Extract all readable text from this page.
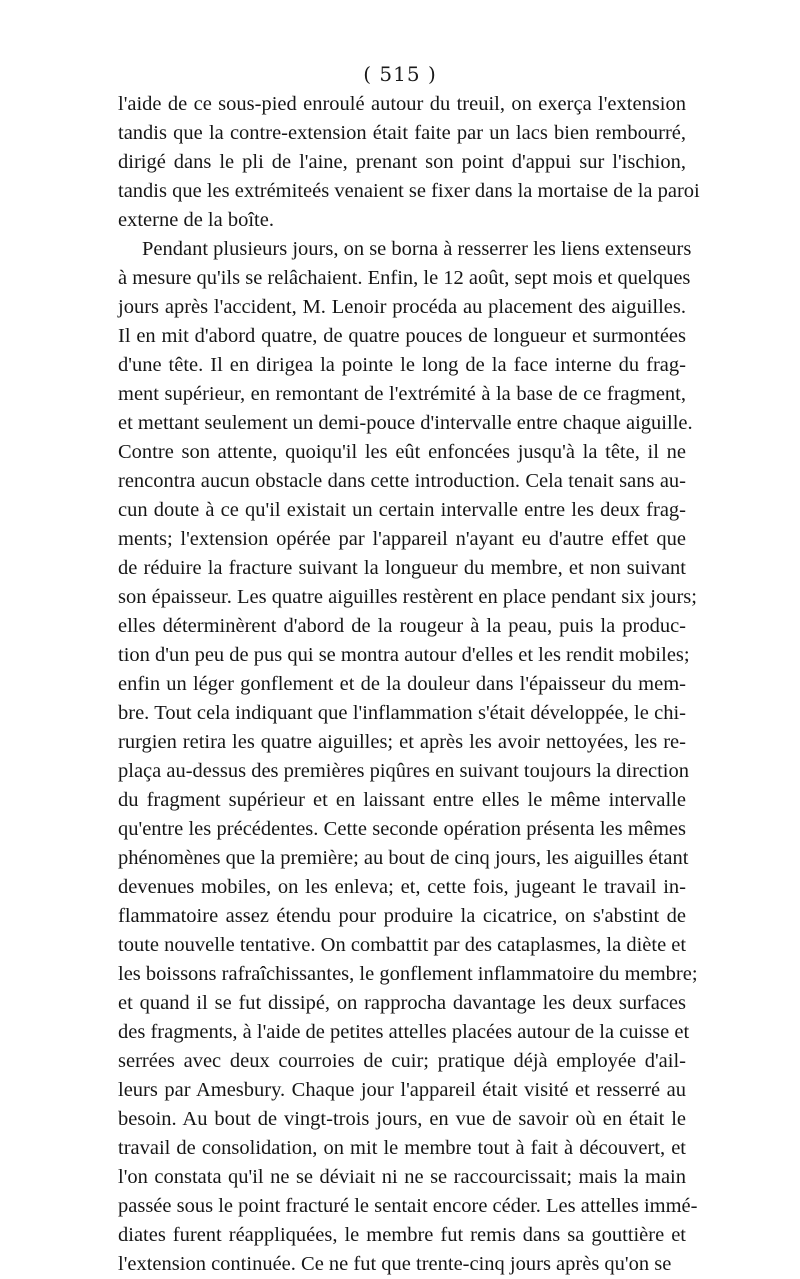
( 515 )
l'aide de ce sous-pied enroulé autour du treuil, on exerça l'extension
tandis que la contre-extension était faite par un lacs bien rembourré,
dirigé dans le pli de l'aine, prenant son point d'appui sur l'ischion,
tandis que les extrémiteés venaient se fixer dans la mortaise de la paroi
externe de la boîte.
Pendant plusieurs jours, on se borna à resserrer les liens extenseurs
à mesure qu'ils se relâchaient. Enfin, le 12 août, sept mois et quelques
jours après l'accident, M. Lenoir procéda au placement des aiguilles.
Il en mit d'abord quatre, de quatre pouces de longueur et surmontées
d'une tête. Il en dirigea la pointe le long de la face interne du frag-
ment supérieur, en remontant de l'extrémité à la base de ce fragment,
et mettant seulement un demi-pouce d'intervalle entre chaque aiguille.
Contre son attente, quoiqu'il les eût enfoncées jusqu'à la tête, il ne
rencontra aucun obstacle dans cette introduction. Cela tenait sans au-
cun doute à ce qu'il existait un certain intervalle entre les deux frag-
ments; l'extension opérée par l'appareil n'ayant eu d'autre effet que
de réduire la fracture suivant la longueur du membre, et non suivant
son épaisseur. Les quatre aiguilles restèrent en place pendant six jours;
elles déterminèrent d'abord de la rougeur à la peau, puis la produc-
tion d'un peu de pus qui se montra autour d'elles et les rendit mobiles;
enfin un léger gonflement et de la douleur dans l'épaisseur du mem-
bre. Tout cela indiquant que l'inflammation s'était développée, le chi-
rurgien retira les quatre aiguilles; et après les avoir nettoyées, les re-
plaça au-dessus des premières piqûres en suivant toujours la direction
du fragment supérieur et en laissant entre elles le même intervalle
qu'entre les précédentes. Cette seconde opération présenta les mêmes
phénomènes que la première; au bout de cinq jours, les aiguilles étant
devenues mobiles, on les enleva; et, cette fois, jugeant le travail in-
flammatoire assez étendu pour produire la cicatrice, on s'abstint de
toute nouvelle tentative. On combattit par des cataplasmes, la diète et
les boissons rafraîchissantes, le gonflement inflammatoire du membre;
et quand il se fut dissipé, on rapprocha davantage les deux surfaces
des fragments, à l'aide de petites attelles placées autour de la cuisse et
serrées avec deux courroies de cuir; pratique déjà employée d'ail-
leurs par Amesbury. Chaque jour l'appareil était visité et resserré au
besoin. Au bout de vingt-trois jours, en vue de savoir où en était le
travail de consolidation, on mit le membre tout à fait à découvert, et
l'on constata qu'il ne se déviait ni ne se raccourcissait; mais la main
passée sous le point fracturé le sentait encore céder. Les attelles immé-
diates furent réappliquées, le membre fut remis dans sa gouttière et
l'extension continuée. Ce ne fut que trente-cinq jours après qu'on se
